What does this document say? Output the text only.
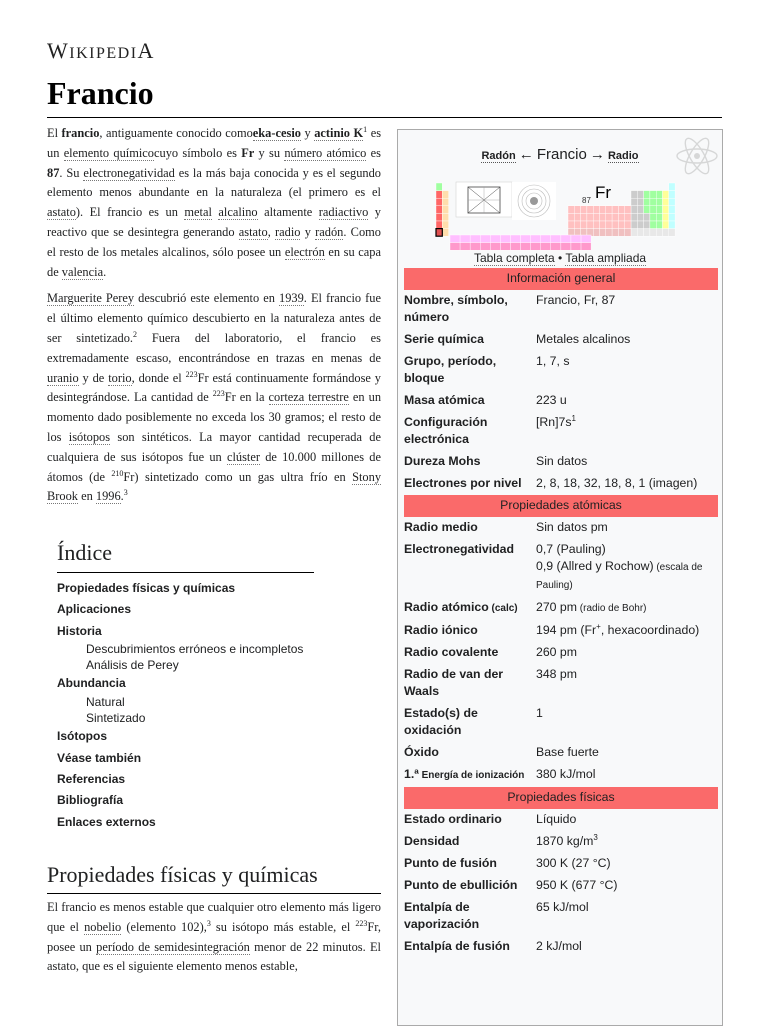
WIKIPEDIA
Francio

El francio, antiguamente conocido comoeka-cesio y actinio $K^1$ es un elemento químicocuyo símbolo es Fr y su número atómico es 87. Su electronegatividad es la más baja conocida y es el segundo elemento menos abundante en la naturaleza (el primero es el astato). El francio es un metal alcalino altamente radiactivo y reactivo que se desintegra generando astato, radio y radón. Como el resto de los metales alcalinos, sólo posee un electrón en su capa de valencia.

Marguerite Perey descubrió este elemento en 1939. El francio fue el último elemento químico descubierto en la naturaleza antes de ser sintetizado.$^2$ Fuera del laboratorio, el francio es extremadamente escaso, encontrándose en trazas en menas de uranio y de torio, donde el $^{223}$Fr está continuamente formándose y desintegrándose. La cantidad de $^{223}$Fr en la corteza terrestre en un momento dado posiblemente no exceda los 30 gramos; el resto de los isótopos son sintéticos. La mayor cantidad recuperada de cualquiera de sus isótopos fue un clúster de 10.000 millones de átomos (de $^{210}$Fr) sintetizado como un gas ultra frío en Stony Brook en 1996.$^3$

Índice
Propiedades físicas y químicas
Aplicaciones
Historia
Descubrimientos erróneos e incompletos
Análisis de Perey
Abundancia
Natural
Sintetizado
Isótopos
Véase también
Referencias
Bibliografía
Enlaces externos
Propiedades físicas y químicas

El francio es menos estable que cualquier otro elemento más ligero que el nobelio (elemento 102),$^3$ su isótopo más estable, el $^{223}$Fr, posee un período de semidesintegración menor de 22 minutos. El astato, que es el siguiente elemento menos estable,

Radón ← Francio → Radio
87 Fr
Tabla completa • Tabla ampliada
Información general	
Nombre, símbolo, número	Francio, Fr, 87
Serie química	Metales alcalinos
Grupo, período, bloque	1, 7, s
Masa atómica	223 u
Configuración electrónica	$[Rn]7s^1$
Dureza Mohs	Sin datos
Electrones por nivel	2, 8, 18, 32, 18, 8, 1 (imagen)
Propiedades atómicas	
Radio medio	Sin datos pm
Electronegatividad	0,7 (Pauling)
0,9 (Allred y Rochow) (escala de Pauling)
Radio atómico (calc)	270 pm (radio de Bohr)
Radio iónico	194 pm (Fr+, hexacoordinado)
Radio covalente	260 pm
Radio de van der Waals	348 pm
Estado(s) de oxidación	1
Óxido	Base fuerte
1.ª Energía de ionización	380 kJ/mol
Propiedades físicas	
Estado ordinario	Líquido
Densidad	1870 $kg/m^3$
Punto de fusión	300 K (27 °C)
Punto de ebullición	950 K (677 °C)
Entalpía de vaporización	65 kJ/mol
Entalpía de fusión	2 kJ/mol
